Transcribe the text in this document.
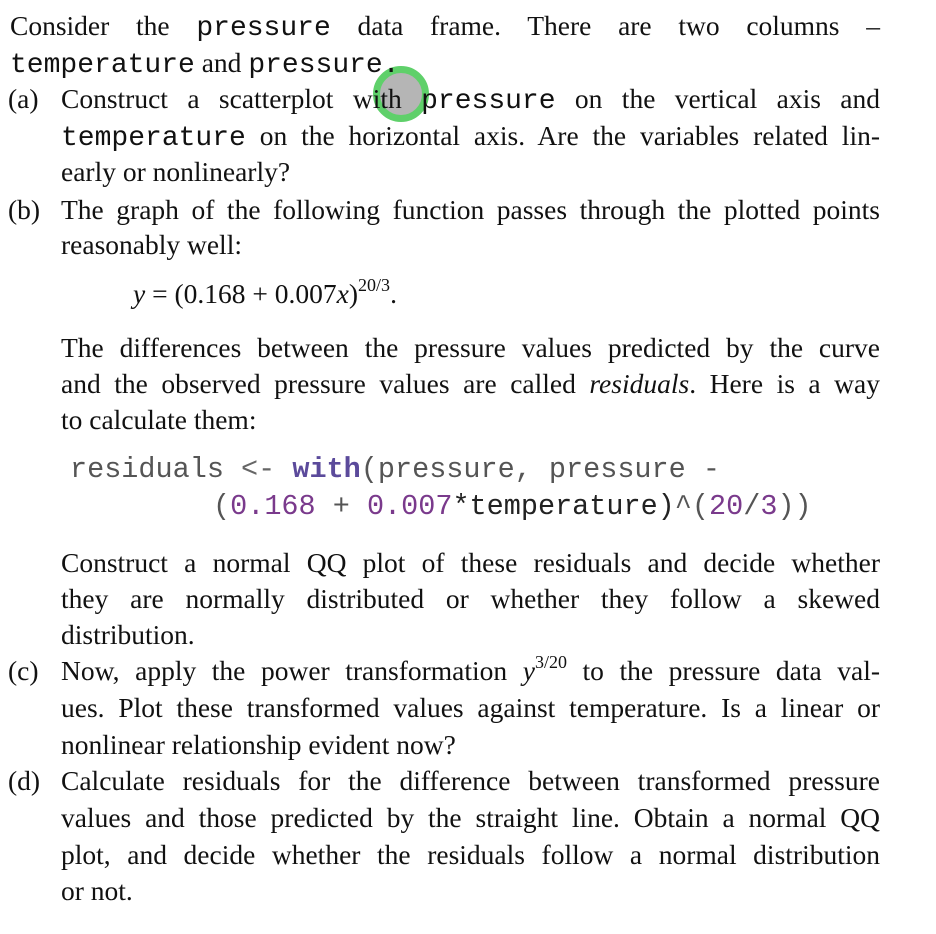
Consider the pressure data frame. There are two columns –
temperature and pressure.
(a) Construct a scatterplot with pressure on the vertical axis and
temperature on the horizontal axis. Are the variables related lin-
early or nonlinearly?
(b) The graph of the following function passes through the plotted points
reasonably well:
$y = (0.168 + 0.007x)^{20/3}$.
The differences between the pressure values predicted by the curve
and the observed pressure values are called residuals. Here is a way
to calculate them:
residuals <- with(pressure, pressure -
(0.168 + 0.007*temperature)^(20/3))
Construct a normal QQ plot of these residuals and decide whether
they are normally distributed or whether they follow a skewed
distribution.
(c) Now, apply the power transformation $y^{3/20}$ to the pressure data val-
ues. Plot these transformed values against temperature. Is a linear or
nonlinear relationship evident now?
(d) Calculate residuals for the difference between transformed pressure
values and those predicted by the straight line. Obtain a normal QQ
plot, and decide whether the residuals follow a normal distribution
or not.
